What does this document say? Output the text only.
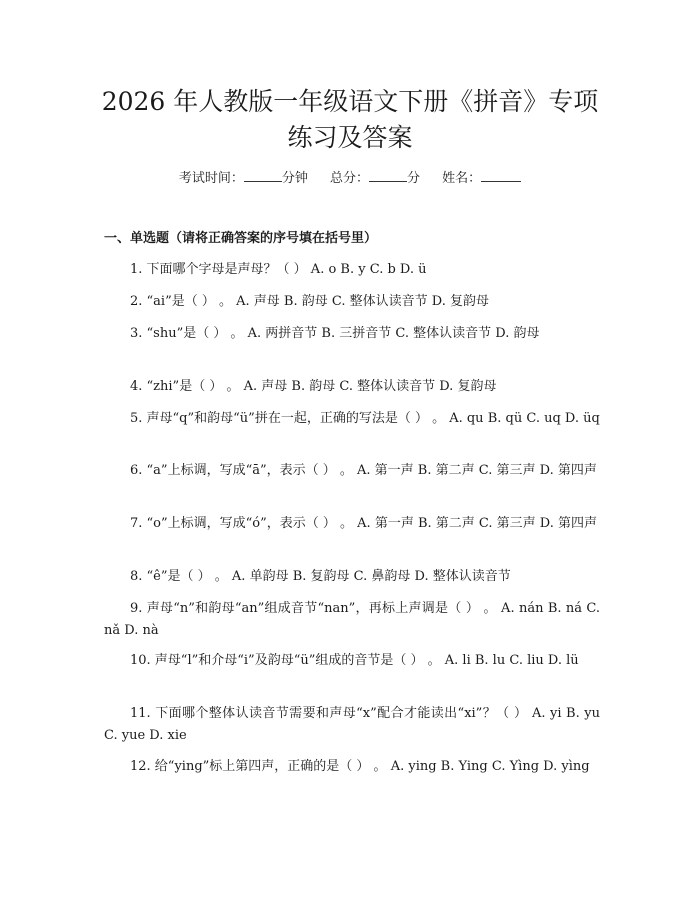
2026 年人教版一年级语文下册《拼音》专项
练习及答案
考试时间：	分钟 总分：	分 姓名：
一、单选题（请将正确答案的序号填在括号里）

1. 下面哪个字母是声母？（ ） A. o B. y C. b D. ü

2. “ai”是（ ） 。 A. 声母 B. 韵母 C. 整体认读音节 D. 复韵母

3. “shu”是（ ） 。 A. 两拼音节 B. 三拼音节 C. 整体认读音节 D. 韵母

4. “zhi”是（ ） 。 A. 声母 B. 韵母 C. 整体认读音节 D. 复韵母

5. 声母“q”和韵母“ü”拼在一起，正确的写法是（ ） 。 A. qu B. qü C. uq D. üq

6. “a”上标调，写成“ā”，表示（ ） 。 A. 第一声 B. 第二声 C. 第三声 D. 第四声

7. “o”上标调，写成“ó”，表示（ ） 。 A. 第一声 B. 第二声 C. 第三声 D. 第四声

8. “ê”是（ ） 。 A. 单韵母 B. 复韵母 C. 鼻韵母 D. 整体认读音节

9. 声母“n”和韵母“an”组成音节“nan”，再标上声调是（ ） 。 A. nán B. ná C. nǎ D. nà

10. 声母“l”和介母“i”及韵母“ü”组成的音节是（ ） 。 A. li B. lu C. liu D. lü

11. 下面哪个整体认读音节需要和声母“x”配合才能读出“xi”？（ ） A. yi B. yu C. yue D. xie

12. 给“ying”标上第四声，正确的是（ ） 。 A. ying B. Ying C. Yìng D. yìng
